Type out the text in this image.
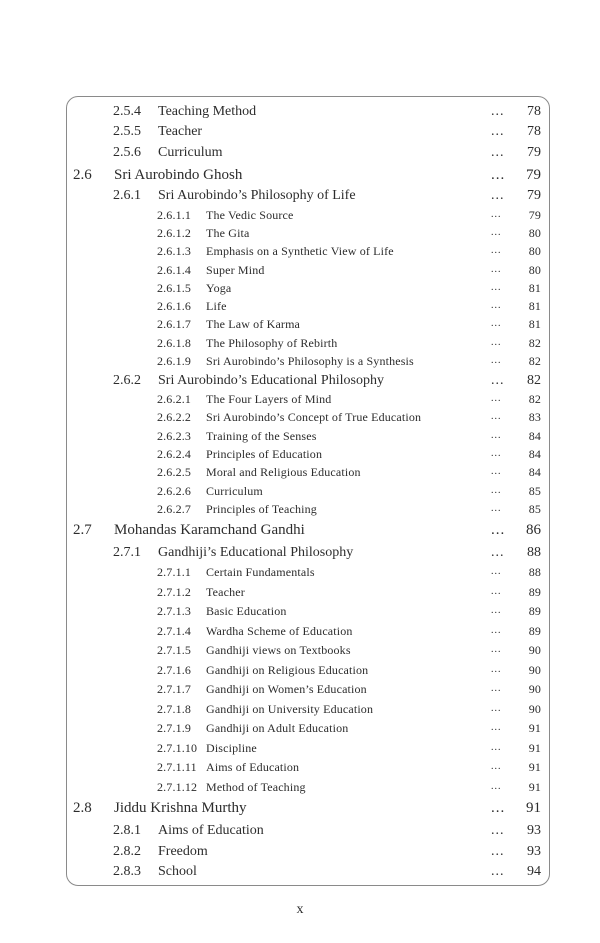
2.5.4 Teaching Method	... 78
2.5.5 Teacher	... 78
2.5.6 Curriculum	... 79
2.6 Sri Aurobindo Ghosh	... 79
2.6.1 Sri Aurobindo’s Philosophy of Life	... 79
2.6.1.1 The Vedic Source	... 79
2.6.1.2 The Gita	... 80
2.6.1.3 Emphasis on a Synthetic View of Life	... 80
2.6.1.4 Super Mind	... 80
2.6.1.5 Yoga	... 81
2.6.1.6 Life	... 81
2.6.1.7 The Law of Karma	... 81
2.6.1.8 The Philosophy of Rebirth	... 82
2.6.1.9 Sri Aurobindo’s Philosophy is a Synthesis	... 82
2.6.2 Sri Aurobindo’s Educational Philosophy	... 82
2.6.2.1 The Four Layers of Mind	... 82
2.6.2.2 Sri Aurobindo’s Concept of True Education	... 83
2.6.2.3 Training of the Senses	... 84
2.6.2.4 Principles of Education	... 84
2.6.2.5 Moral and Religious Education	... 84
2.6.2.6 Curriculum	... 85
2.6.2.7 Principles of Teaching	... 85
2.7 Mohandas Karamchand Gandhi	... 86
2.7.1 Gandhiji’s Educational Philosophy	... 88
2.7.1.1 Certain Fundamentals	... 88
2.7.1.2 Teacher	... 89
2.7.1.3 Basic Education	... 89
2.7.1.4 Wardha Scheme of Education	... 89
2.7.1.5 Gandhiji views on Textbooks	... 90
2.7.1.6 Gandhiji on Religious Education	... 90
2.7.1.7 Gandhiji on Women’s Education	... 90
2.7.1.8 Gandhiji on University Education	... 90
2.7.1.9 Gandhiji on Adult Education	... 91
2.7.1.10 Discipline	... 91
2.7.1.11 Aims of Education	... 91
2.7.1.12 Method of Teaching	... 91
2.8 Jiddu Krishna Murthy	... 91
2.8.1 Aims of Education	... 93
2.8.2 Freedom	... 93
2.8.3 School	... 94
x
